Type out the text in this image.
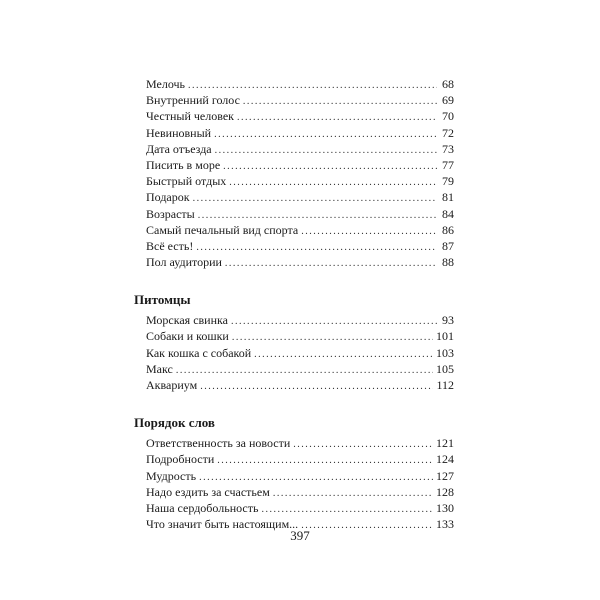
Мелочь .....	68
Внутренний голос .....	69
Честный человек .....	70
Невиновный .....	72
Дата отъезда .....	73
Писить в море .....	77
Быстрый отдых .....	79
Подарок .....	81
Возрасты .....	84
Самый печальный вид спорта .....	86
Всё есть! .....	87
Пол аудитории .....	88
Питомцы
Морская свинка .....	93
Собаки и кошки .....	101
Как кошка с собакой .....	103
Макс .....	105
Аквариум .....	112
Порядок слов
Ответственность за новости .....	121
Подробности .....	124
Мудрость .....	127
Надо ездить за счастьем .....	128
Наша сердобольность .....	130
Что значит быть настоящим... .....	133
397
